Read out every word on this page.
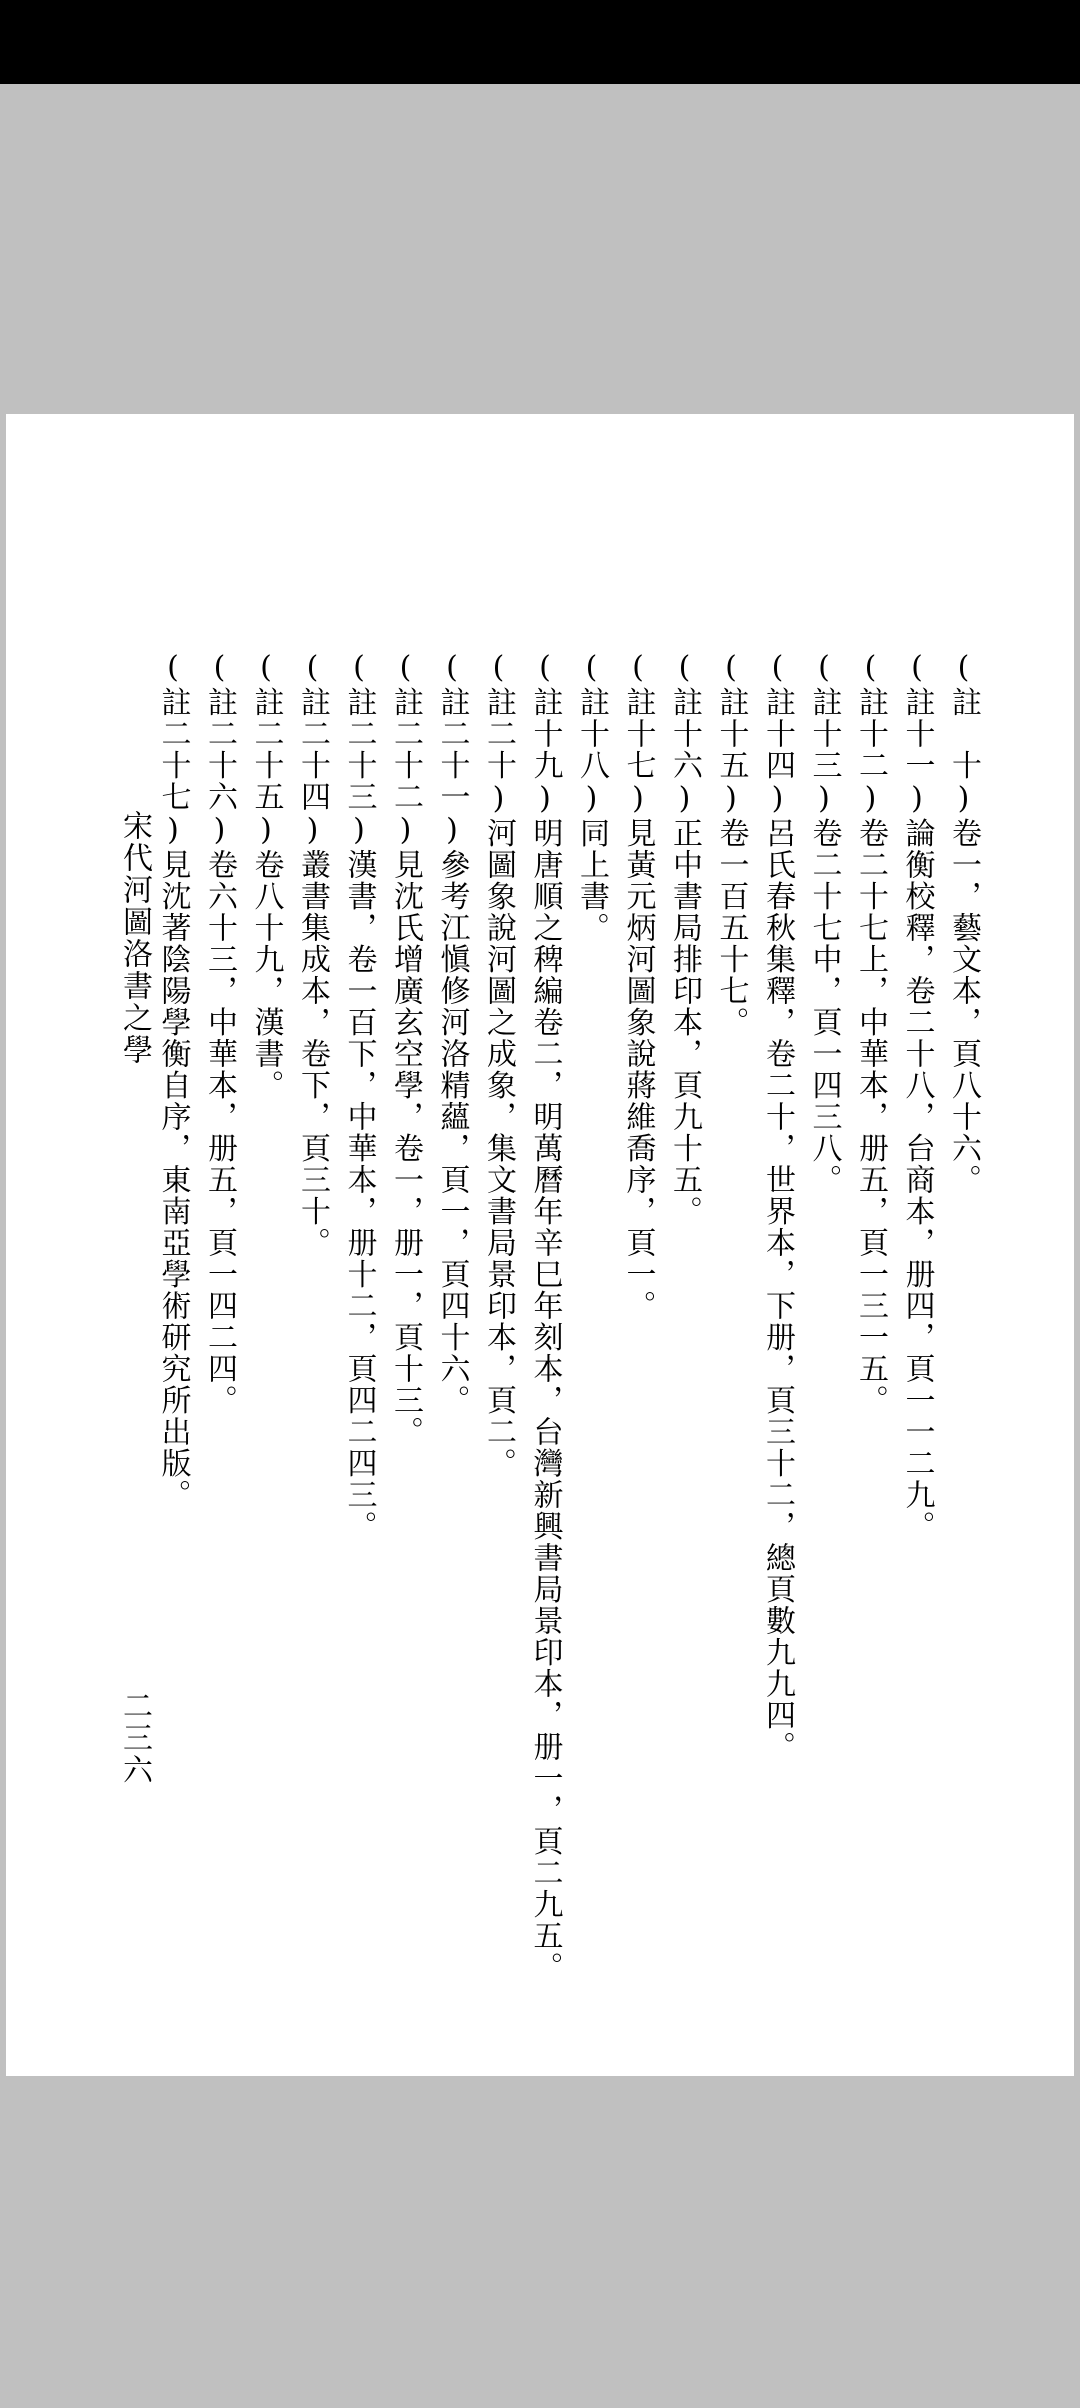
(註　十)卷一，藝文本，頁八十六。
(註十一)論衡校釋，卷二十八，台商本，册四，頁一一二九。
(註十二)卷二十七上，中華本，册五，頁一三一五。
(註十三)卷二十七中，頁一四三八。
(註十四)呂氏春秋集釋，卷二十，世界本，下册，頁三十二，總頁數九九四。
(註十五)卷一百五十七。
(註十六)正中書局排印本，頁九十五。
(註十七)見黃元炳河圖象說蔣維喬序，頁一。
(註十八)同上書。
(註十九)明唐順之稗編卷二，明萬曆年辛巳年刻本，台灣新興書局景印本，册一，頁二九五。
(註二十)河圖象說河圖之成象，集文書局景印本，頁二。
(註二十一)參考江愼修河洛精蘊，頁一，頁四十六。
(註二十二)見沈氏增廣玄空學，卷一，册一，頁十三。
(註二十三)漢書，卷一百下，中華本，册十二，頁四二四三。
(註二十四)叢書集成本，卷下，頁三十。
(註二十五)卷八十九，漢書。
(註二十六)卷六十三，中華本，册五，頁一四二四。
(註二十七)見沈著陰陽學衡自序，東南亞學術研究所出版。
宋代河圖洛書之學
二三六
